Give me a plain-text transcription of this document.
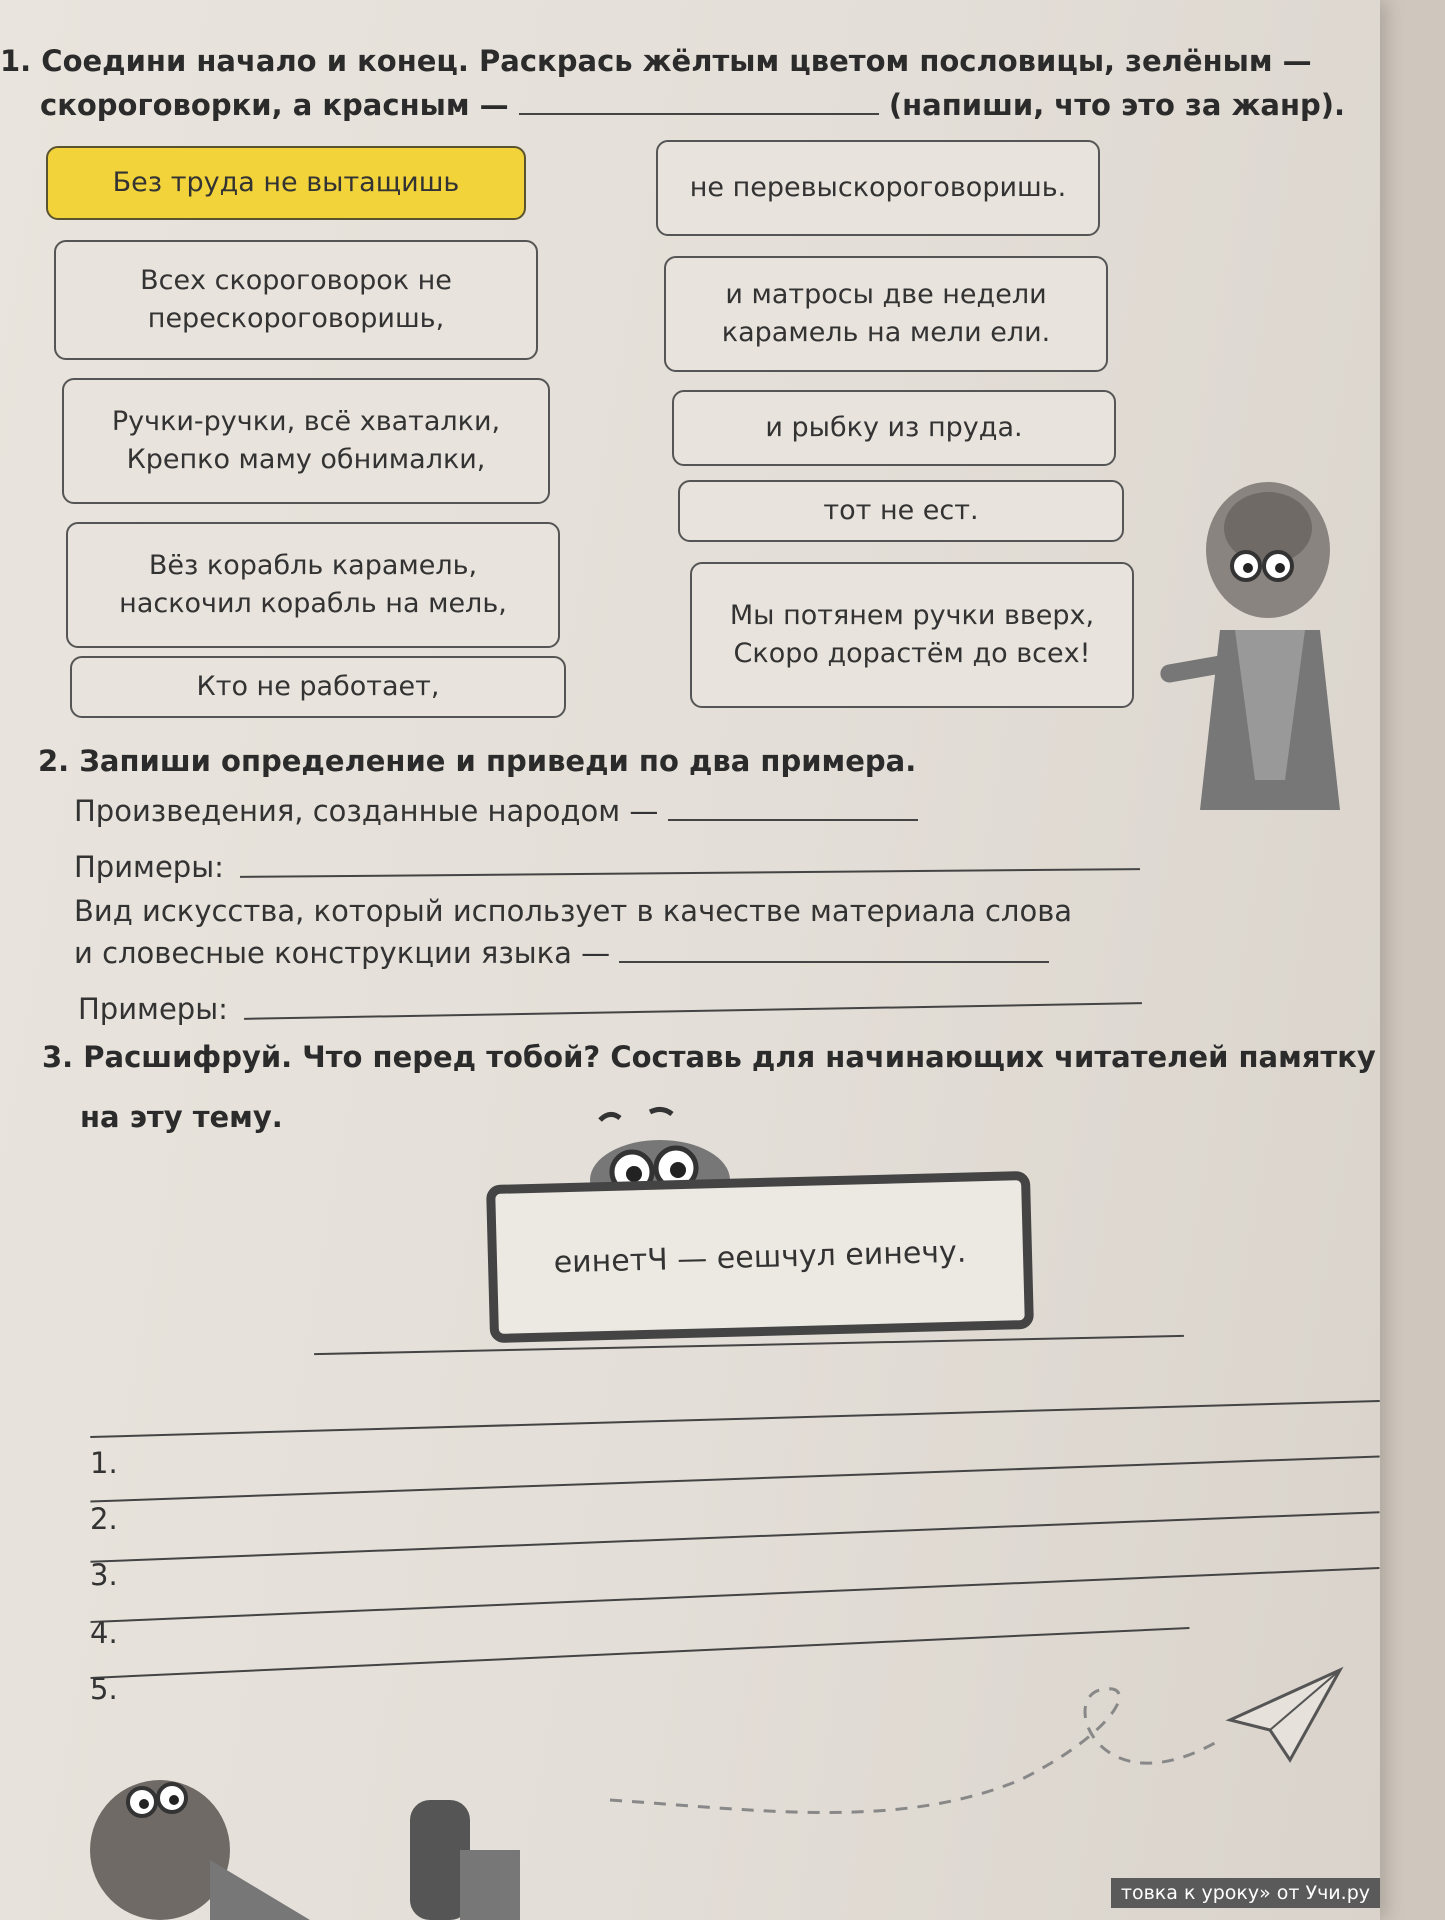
1. Соедини начало и конец. Раскрась жёлтым цветом пословицы, зелёным —
скороговорки, а красным —	(напиши, что это за жанр).
Без труда не вытащишь
Всех скороговорок не
перескороговоришь,
Ручки-ручки, всё хваталки,
Крепко маму обнималки,
Вёз корабль карамель,
наскочил корабль на мель,
Кто не работает,
не перевыскороговоришь.
и матросы две недели
карамель на мели ели.
и рыбку из пруда.
тот не ест.
Мы потянем ручки вверх,
Скоро дорастём до всех!
2. Запиши определение и приведи по два примера.
Произведения, созданные народом —
Примеры:
Вид искусства, который использует в качестве материала слова
и словесные конструкции языка —
Примеры:
3. Расшифруй. Что перед тобой? Составь для начинающих читателей памятку
на эту тему.
еинетЧ — еешчул еинечу.
1.
2.
3.
4.
5.
товка к уроку» от Учи.ру
